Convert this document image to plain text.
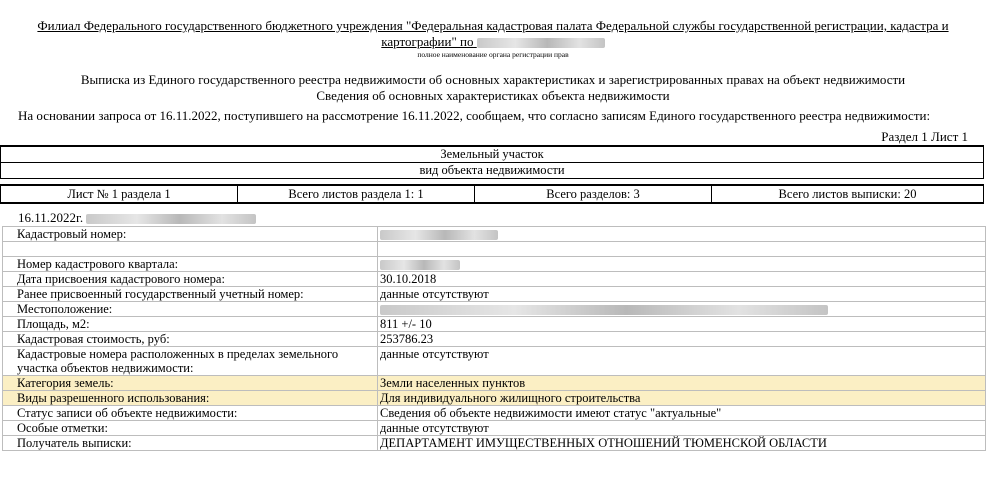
Филиал Федерального государственного бюджетного учреждения "Федеральная кадастровая палата Федеральной службы государственной регистрации, кадастра и
картографии" по
полное наименование органа регистрации прав
Выписка из Единого государственного реестра недвижимости об основных характеристиках и зарегистрированных правах на объект недвижимости
Сведения об основных характеристиках объекта недвижимости
На основании запроса от 16.11.2022, поступившего на рассмотрение 16.11.2022, сообщаем, что согласно записям Единого государственного реестра недвижимости:
Раздел 1 Лист 1
Земельный участок
вид объекта недвижимости
Лист № 1 раздела 1	Всего листов раздела 1: 1	Всего разделов: 3	Всего листов выписки: 20
16.11.2022г.
Кадастровый номер:	

Номер кадастрового квартала:	
Дата присвоения кадастрового номера:	30.10.2018
Ранее присвоенный государственный учетный номер:	данные отсутствуют
Местоположение:	
Площадь, м2:	811 +/- 10
Кадастровая стоимость, руб:	253786.23
Кадастровые номера расположенных в пределах земельного участка объектов недвижимости:	данные отсутствуют
Категория земель:	Земли населенных пунктов
Виды разрешенного использования:	Для индивидуального жилищного строительства
Статус записи об объекте недвижимости:	Сведения об объекте недвижимости имеют статус "актуальные"
Особые отметки:	данные отсутствуют
Получатель выписки:	ДЕПАРТАМЕНТ ИМУЩЕСТВЕННЫХ ОТНОШЕНИЙ ТЮМЕНСКОЙ ОБЛАСТИ
